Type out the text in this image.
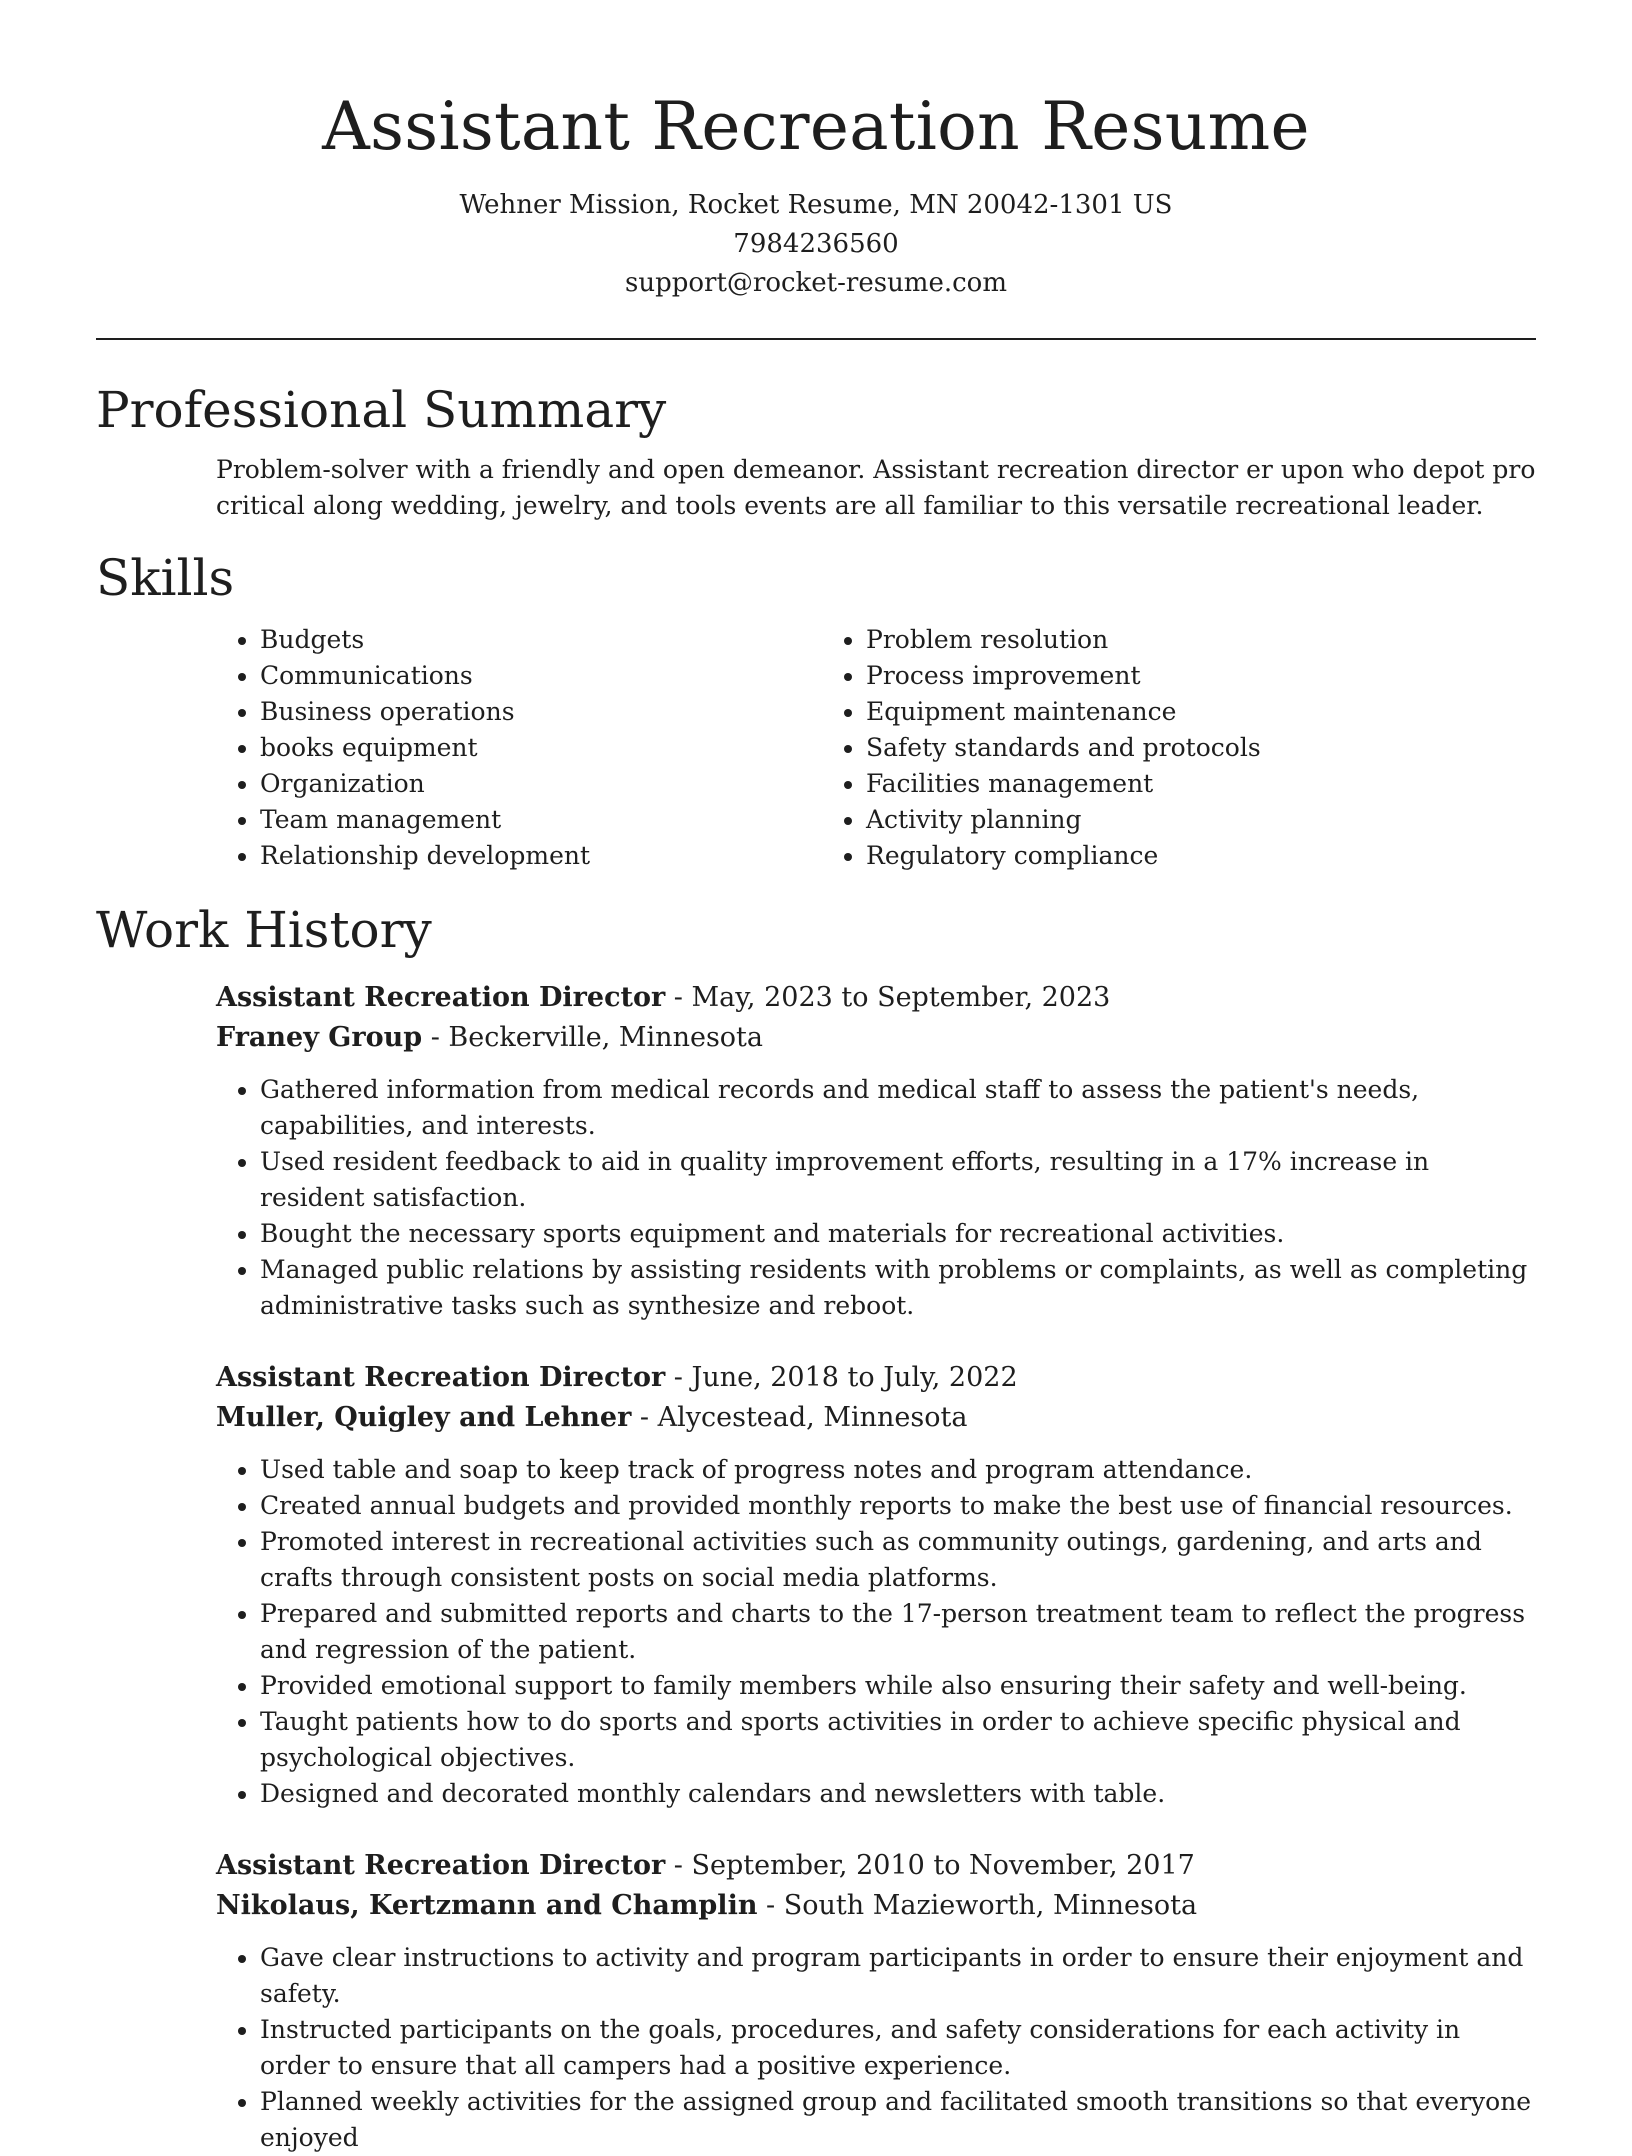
Assistant Recreation Resume
Wehner Mission, Rocket Resume, MN 20042-1301 US
7984236560
support@rocket-resume.com
Professional Summary

Problem-solver with a friendly and open demeanor. Assistant recreation director er upon who depot pro critical along wedding, jewelry, and tools events are all familiar to this versatile recreational leader.

Skills
• Budgets
• Communications
• Business operations
• books equipment
• Organization
• Team management
• Relationship development
• Problem resolution
• Process improvement
• Equipment maintenance
• Safety standards and protocols
• Facilities management
• Activity planning
• Regulatory compliance
Work History
Assistant Recreation Director - May, 2023 to September, 2023
Franey Group - Beckerville, Minnesota
• Gathered information from medical records and medical staff to assess the patient's needs, capabilities, and interests.
• Used resident feedback to aid in quality improvement efforts, resulting in a 17% increase in resident satisfaction.
• Bought the necessary sports equipment and materials for recreational activities.
• Managed public relations by assisting residents with problems or complaints, as well as completing administrative tasks such as synthesize and reboot.
Assistant Recreation Director - June, 2018 to July, 2022
Muller, Quigley and Lehner - Alycestead, Minnesota
• Used table and soap to keep track of progress notes and program attendance.
• Created annual budgets and provided monthly reports to make the best use of financial resources.
• Promoted interest in recreational activities such as community outings, gardening, and arts and crafts through consistent posts on social media platforms.
• Prepared and submitted reports and charts to the 17-person treatment team to reflect the progress and regression of the patient.
• Provided emotional support to family members while also ensuring their safety and well-being.
• Taught patients how to do sports and sports activities in order to achieve specific physical and psychological objectives.
• Designed and decorated monthly calendars and newsletters with table.
Assistant Recreation Director - September, 2010 to November, 2017
Nikolaus, Kertzmann and Champlin - South Mazieworth, Minnesota
• Gave clear instructions to activity and program participants in order to ensure their enjoyment and safety.
• Instructed participants on the goals, procedures, and safety considerations for each activity in order to ensure that all campers had a positive experience.
• Planned weekly activities for the assigned group and facilitated smooth transitions so that everyone enjoyed
